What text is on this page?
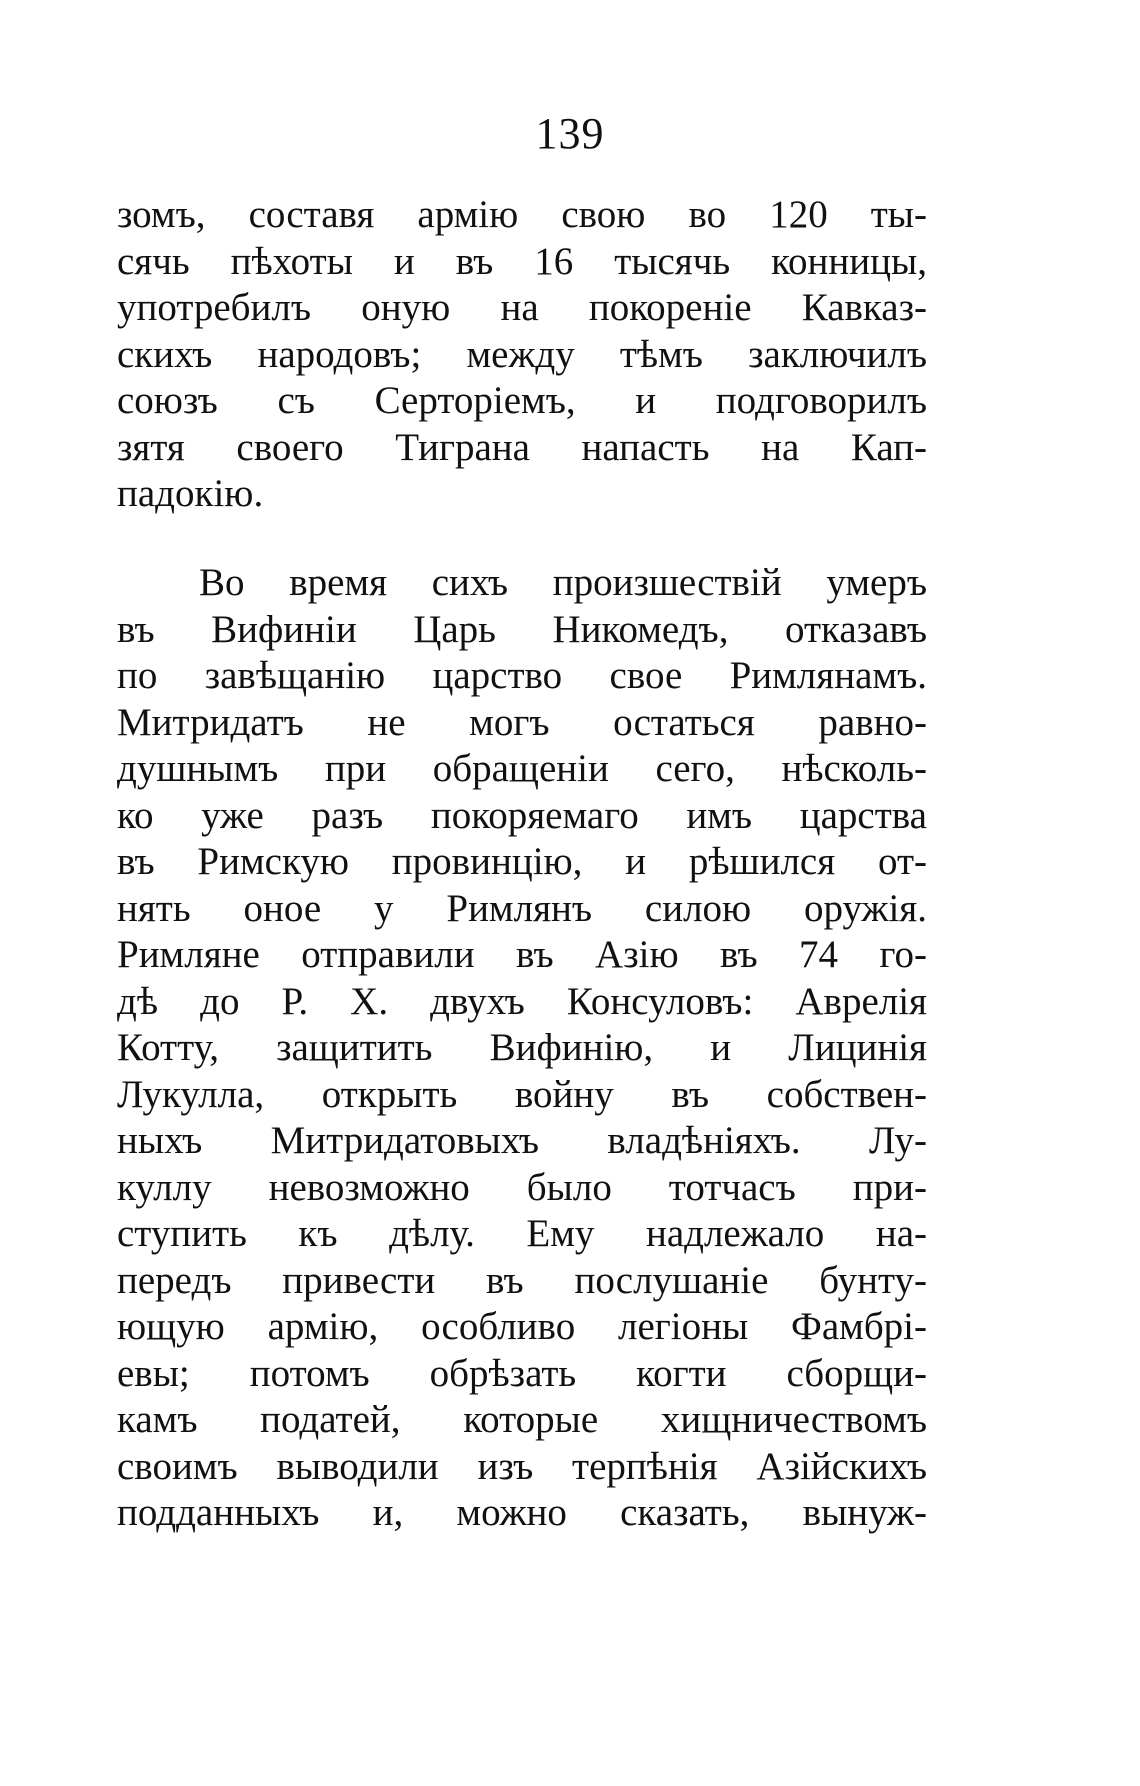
139
зомъ, составя армію свою во 120 ты-
сячь пѣхоты и въ 16 тысячь конницы,
употребилъ оную на покореніе Кавказ-
скихъ народовъ; между тѣмъ заключилъ
союзъ съ Серторіемъ, и подговорилъ
зятя своего Тиграна напасть на Кап-
падокію.
Во время сихъ произшествій умеръ
въ Вифиніи Царь Никомедъ, отказавъ
по завѣщанію царство свое Римлянамъ.
Митридатъ не могъ остаться равно-
душнымъ при обращеніи сего, нѣсколь-
ко уже разъ покоряемаго имъ царства
въ Римскую провинцію, и рѣшился от-
нять оное у Римлянъ силою оружія.
Римляне отправили въ Азію въ 74 го-
дѣ до Р. Х. двухъ Консуловъ: Аврелія
Котту, защитить Вифинію, и Лицинія
Лукулла, открыть войну въ собствен-
ныхъ Митридатовыхъ владѣніяхъ. Лу-
куллу невозможно было тотчасъ при-
ступить къ дѣлу. Ему надлежало на-
передъ привести въ послушаніе бунту-
ющую армію, особливо легіоны Фамбрі-
евы; потомъ обрѣзать когти сборщи-
камъ податей, которые хищничествомъ
своимъ выводили изъ терпѣнія Азійскихъ
подданныхъ и, можно сказать, вынуж-
